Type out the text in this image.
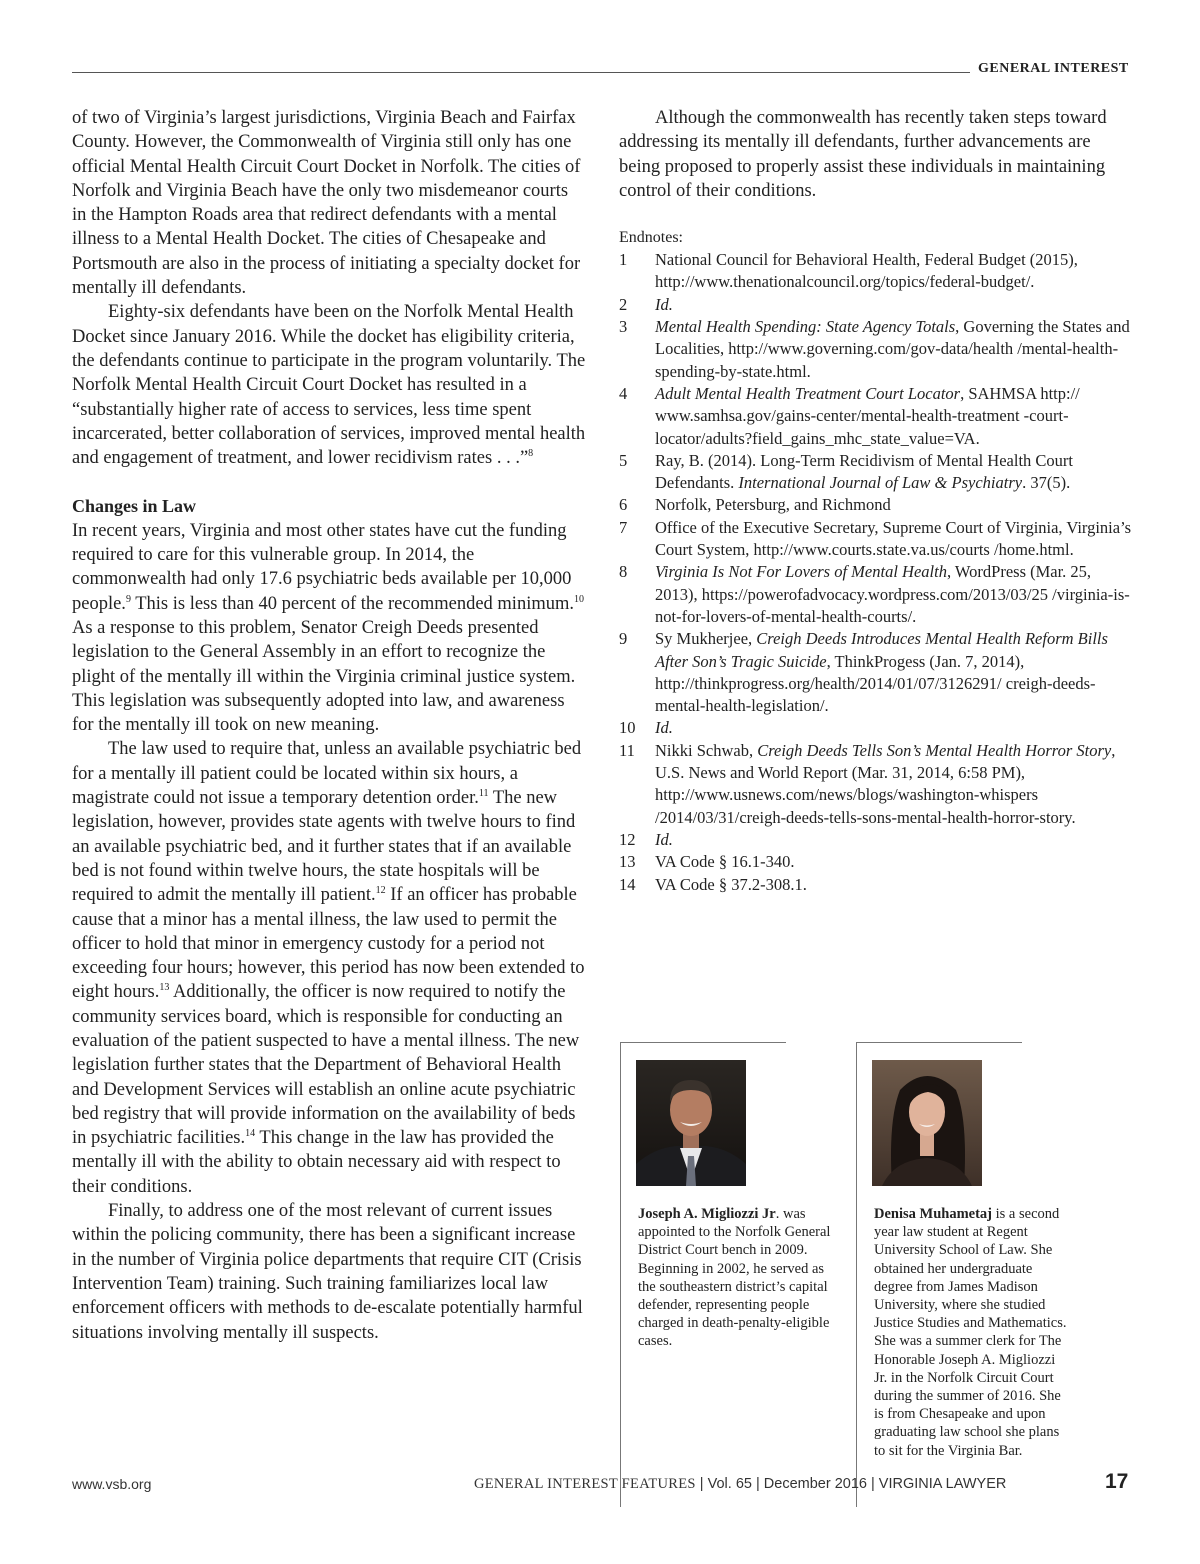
GENERAL INTEREST

of two of Virginia’s largest jurisdictions, Virginia Beach and Fairfax County. However, the Commonwealth of Virginia still only has one official Mental Health Circuit Court Docket in Norfolk. The cities of Norfolk and Virginia Beach have the only two misdemeanor courts in the Hampton Roads area that redirect defendants with a mental illness to a Mental Health Docket. The cities of Chesapeake and Portsmouth are also in the process of initiating a specialty docket for mentally ill defendants.

Eighty-six defendants have been on the Norfolk Mental Health Docket since January 2016. While the docket has eligibility criteria, the defendants continue to participate in the program voluntarily. The Norfolk Mental Health Circuit Court Docket has resulted in a “substantially higher rate of access to services, less time spent incarcerated, better collaboration of services, improved mental health and engagement of treatment, and lower recidivism rates . . .”$^8$

Changes in Law

In recent years, Virginia and most other states have cut the funding required to care for this vulnerable group. In 2014, the commonwealth had only 17.6 psychiatric beds available per 10,000 people.$^9$ This is less than 40 percent of the recommended minimum.$^{10}$ As a response to this problem, Senator Creigh Deeds presented legislation to the General Assembly in an effort to recognize the plight of the mentally ill within the Virginia criminal justice system. This legislation was subsequently adopted into law, and awareness for the mentally ill took on new meaning.

The law used to require that, unless an available psychiatric bed for a mentally ill patient could be located within six hours, a magistrate could not issue a temporary detention order.$^{11}$ The new legislation, however, provides state agents with twelve hours to find an available psychiatric bed, and it further states that if an available bed is not found within twelve hours, the state hospitals will be required to admit the mentally ill patient.$^{12}$ If an officer has probable cause that a minor has a mental illness, the law used to permit the officer to hold that minor in emergency custody for a period not exceeding four hours; however, this period has now been extended to eight hours.$^{13}$ Additionally, the officer is now required to notify the community services board, which is responsible for conducting an evaluation of the patient suspected to have a mental illness. The new legislation further states that the Department of Behavioral Health and Development Services will establish an online acute psychiatric bed registry that will provide information on the availability of beds in psychiatric facilities.$^{14}$ This change in the law has provided the mentally ill with the ability to obtain necessary aid with respect to their conditions.

Finally, to address one of the most relevant of current issues within the policing community, there has been a significant increase in the number of Virginia police departments that require CIT (Crisis Intervention Team) training. Such training familiarizes local law enforcement officers with methods to de-escalate potentially harmful situations involving mentally ill suspects.

Although the commonwealth has recently taken steps toward addressing its mentally ill defendants, further advancements are being proposed to properly assist these individuals in maintaining control of their conditions.

Endnotes:

1	National Council for Behavioral Health, Federal Budget (2015), http://www.thenationalcouncil.org/topics/federal-budget/.
2	Id.
3	Mental Health Spending: State Agency Totals, Governing the States and Localities, http://www.governing.com/gov-data/health /mental-health-spending-by-state.html.
4	Adult Mental Health Treatment Court Locator, SAHMSA http:// www.samhsa.gov/gains-center/mental-health-treatment -court-locator/adults?field_gains_mhc_state_value=VA.
5	Ray, B. (2014). Long-Term Recidivism of Mental Health Court Defendants. International Journal of Law & Psychiatry. 37(5).
6	Norfolk, Petersburg, and Richmond
7	Office of the Executive Secretary, Supreme Court of Virginia, Virginia’s Court System, http://www.courts.state.va.us/courts /home.html.
8	Virginia Is Not For Lovers of Mental Health, WordPress (Mar. 25, 2013), https://powerofadvocacy.wordpress.com/2013/03/25 /virginia-is-not-for-lovers-of-mental-health-courts/.
9	Sy Mukherjee, Creigh Deeds Introduces Mental Health Reform Bills After Son’s Tragic Suicide, ThinkProgess (Jan. 7, 2014), http://thinkprogress.org/health/2014/01/07/3126291/ creigh-deeds-mental-health-legislation/.
10	Id.
11	Nikki Schwab, Creigh Deeds Tells Son’s Mental Health Horror Story, U.S. News and World Report (Mar. 31, 2014, 6:58 PM), http://www.usnews.com/news/blogs/washington-whispers /2014/03/31/creigh-deeds-tells-sons-mental-health-horror-story.
12	Id.
13	VA Code § 16.1-340.
14	VA Code § 37.2-308.1.
Joseph A. Migliozzi Jr. was appointed to the Norfolk General District Court bench in 2009. Beginning in 2002, he served as the southeastern district’s capital defender, representing people charged in death-penalty-eligible cases.
Denisa Muhametaj is a second year law student at Regent University School of Law. She obtained her undergraduate degree from James Madison University, where she studied Justice Studies and Mathematics. She was a summer clerk for The Honorable Joseph A. Migliozzi Jr. in the Norfolk Circuit Court during the summer of 2016. She is from Chesapeake and upon graduating law school she plans to sit for the Virginia Bar.
www.vsb.org	GENERAL INTEREST FEATURES | Vol. 65 | December 2016 | VIRGINIA LAWYER	17
